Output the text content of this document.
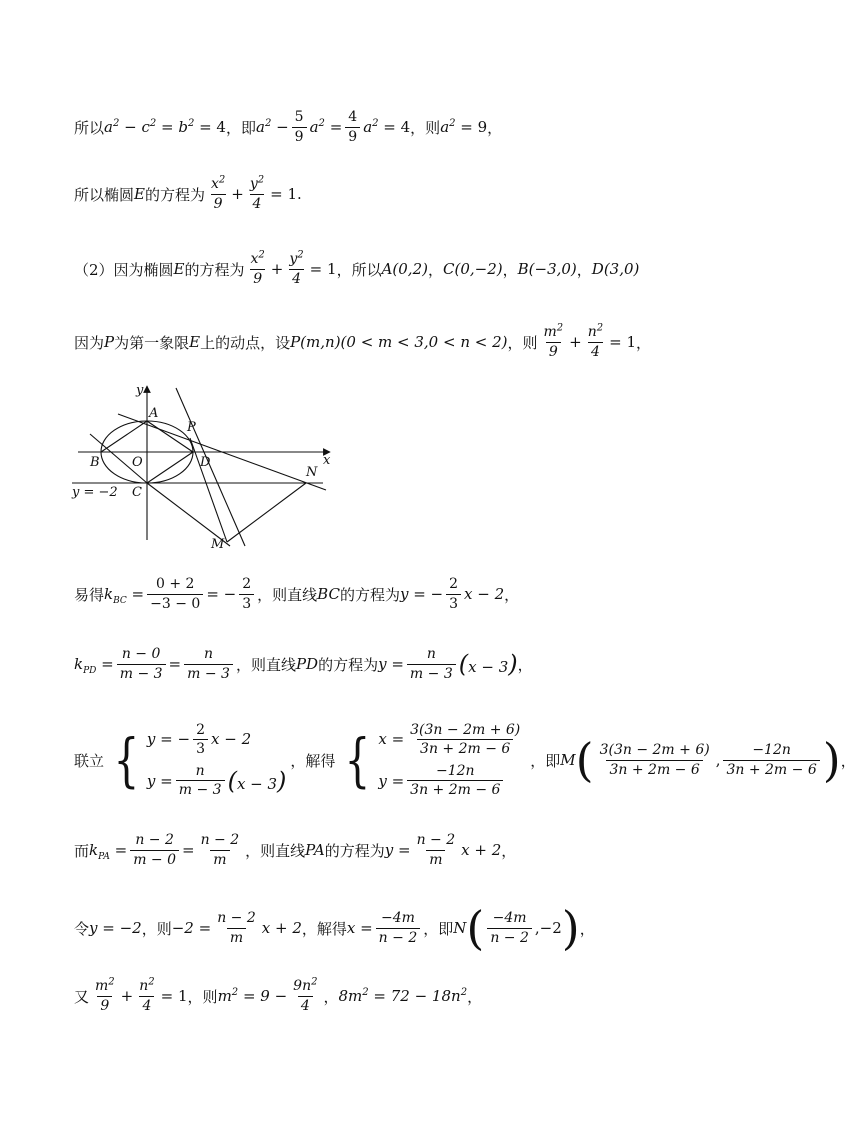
所以 $a^2 - c^2 = b^2 = 4$ ，即 $a^2 - \frac{5}{9} a^2 = \frac{4}{9} a^2 = 4$ ，则 $a^2 = 9$ ，
所以椭圆 E 的方程为 $\frac{x^2}{9} + \frac{y^2}{4} = 1$ .
（2）因为椭圆 E 的方程为 $\frac{x^2}{9} + \frac{y^2}{4} = 1$ ，所以 A(0,2) ， C(0,−2) ， B(−3,0) ， D(3,0)
因为 P 为第一象限 E 上的动点，设 P(m,n) (0 < m < 3,0 < n < 2) ，则 $\frac{m^2}{9} + \frac{n^2}{4} = 1$ ，
y
x
A
P
B O	D
N
C
M
y = −2
易得 $k_{BC} = \frac{0 + 2}{-3 - 0}$ = − $\frac{2}{3}$ ，则直线 BC 的方程为 y = − $\frac{2}{3}$ x − 2 ，
$k_{PD} = \frac{n - 0}{m - 3} = \frac{n}{m - 3}$ ，则直线 PD 的方程为 $y = \frac{n}{m - 3} (x - 3)$ ，
联立 { y = − $\frac{2}{3}$ x − 2
$y = \frac{n}{m - 3} (x - 3)$
，解得 { $x = \frac{3(3n - 2m + 6)}{3n + 2m - 6}$
$y = \frac{-12n}{3n + 2m - 6}$
，即 M ( $\frac{3(3n - 2m + 6)}{3n + 2m - 6}$ , $\frac{-12n}{3n + 2m - 6}$ ) ，
而 $k_{PA} = \frac{n - 2}{m - 0} = \frac{n - 2}{m}$ ，则直线 PA 的方程为 $y = \frac{n - 2}{m}$ x + 2 ，
令 y = −2 ，则 $-2 = \frac{n - 2}{m}$ x + 2 ，解得 $x = \frac{-4m}{n - 2}$ ，即 N ( $\frac{-4m}{n - 2} ,-2$ ) ，
又 $\frac{m^2}{9} + \frac{n^2}{4} = 1$ ，则 $m^2 = 9 - \frac{9n^2}{4}$ ， $8m^2 = 72 - 18n^2$ ，
